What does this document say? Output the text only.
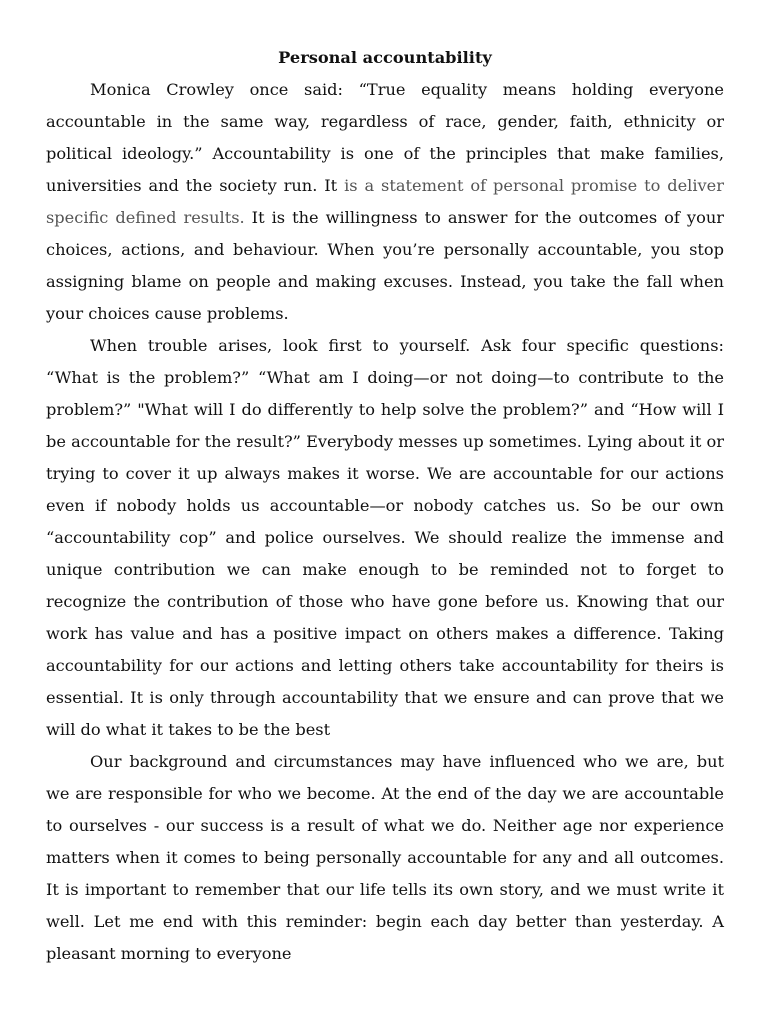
Personal accountability

Monica Crowley once said: “True equality means holding everyone accountable in the same way, regardless of race, gender, faith, ethnicity or political ideology.” Accountability is one of the principles that make families, universities and the society run. It is a statement of personal promise to deliver specific defined results. It is the willingness to answer for the outcomes of your choices, actions, and behaviour. When you’re personally accountable, you stop assigning blame on people and making excuses. Instead, you take the fall when your choices cause problems.

When trouble arises, look first to yourself. Ask four specific questions: “What is the problem?” “What am I doing—or not doing—to contribute to the problem?” "What will I do differently to help solve the problem?” and “How will I be accountable for the result?” Everybody messes up sometimes. Lying about it or trying to cover it up always makes it worse. We are accountable for our actions even if nobody holds us accountable—or nobody catches us. So be our own “accountability cop” and police ourselves. We should realize the immense and unique contribution we can make enough to be reminded not to forget to recognize the contribution of those who have gone before us. Knowing that our work has value and has a positive impact on others makes a difference. Taking accountability for our actions and letting others take accountability for theirs is essential. It is only through accountability that we ensure and can prove that we will do what it takes to be the best

Our background and circumstances may have influenced who we are, but we are responsible for who we become. At the end of the day we are accountable to ourselves - our success is a result of what we do. Neither age nor experience matters when it comes to being personally accountable for any and all outcomes. It is important to remember that our life tells its own story, and we must write it well. Let me end with this reminder: begin each day better than yesterday. A pleasant morning to everyone
